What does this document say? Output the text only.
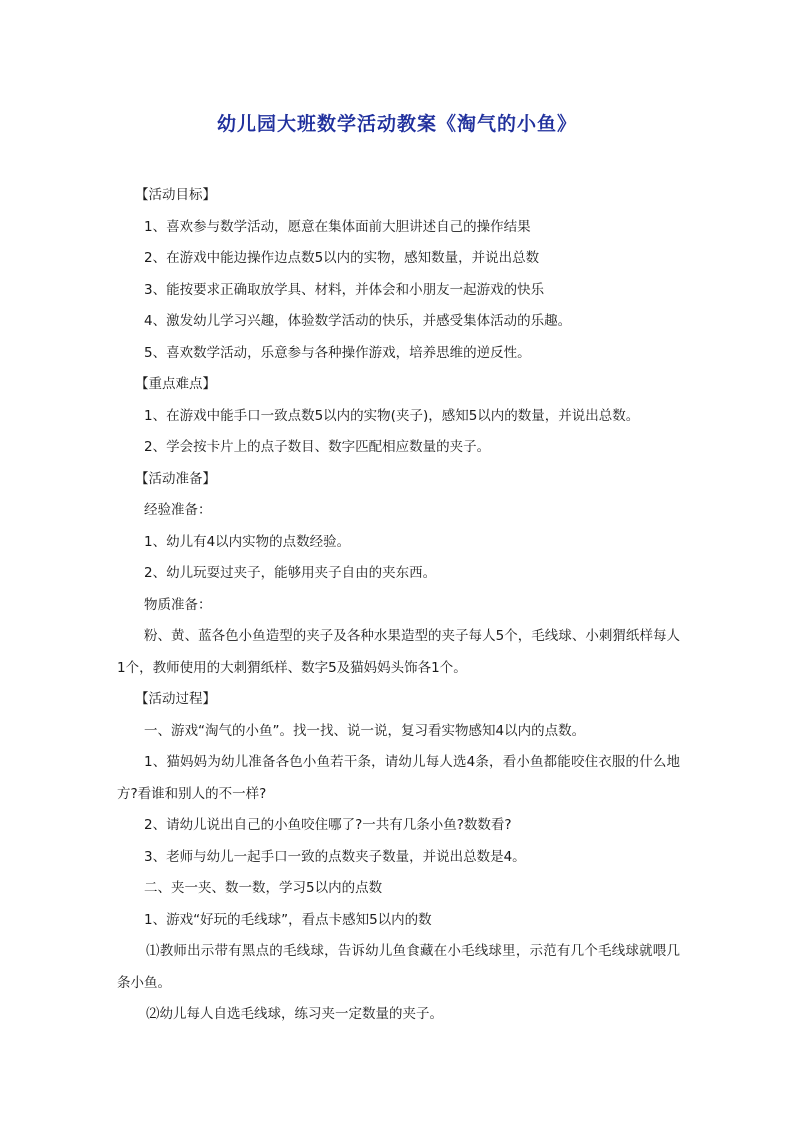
幼儿园大班数学活动教案《淘气的小鱼》
【活动目标】
1、喜欢参与数学活动，愿意在集体面前大胆讲述自己的操作结果
2、在游戏中能边操作边点数5以内的实物，感知数量，并说出总数
3、能按要求正确取放学具、材料，并体会和小朋友一起游戏的快乐
4、激发幼儿学习兴趣，体验数学活动的快乐，并感受集体活动的乐趣。
5、喜欢数学活动，乐意参与各种操作游戏，培养思维的逆反性。
【重点难点】
1、在游戏中能手口一致点数5以内的实物(夹子)，感知5以内的数量，并说出总数。
2、学会按卡片上的点子数目、数字匹配相应数量的夹子。
【活动准备】
经验准备：
1、幼儿有4以内实物的点数经验。
2、幼儿玩耍过夹子，能够用夹子自由的夹东西。
物质准备：
粉、黄、蓝各色小鱼造型的夹子及各种水果造型的夹子每人5个，毛线球、小刺猬纸样每人1个，教师使用的大刺猬纸样、数字5及猫妈妈头饰各1个。
【活动过程】
一、游戏“淘气的小鱼”。找一找、说一说，复习看实物感知4以内的点数。
1、猫妈妈为幼儿准备各色小鱼若干条，请幼儿每人选4条，看小鱼都能咬住衣服的什么地方?看谁和别人的不一样?
2、请幼儿说出自己的小鱼咬住哪了?一共有几条小鱼?数数看?
3、老师与幼儿一起手口一致的点数夹子数量，并说出总数是4。
二、夹一夹、数一数，学习5以内的点数
1、游戏“好玩的毛线球”，看点卡感知5以内的数
⑴教师出示带有黑点的毛线球，告诉幼儿鱼食藏在小毛线球里，示范有几个毛线球就喂几条小鱼。
⑵幼儿每人自选毛线球，练习夹一定数量的夹子。
